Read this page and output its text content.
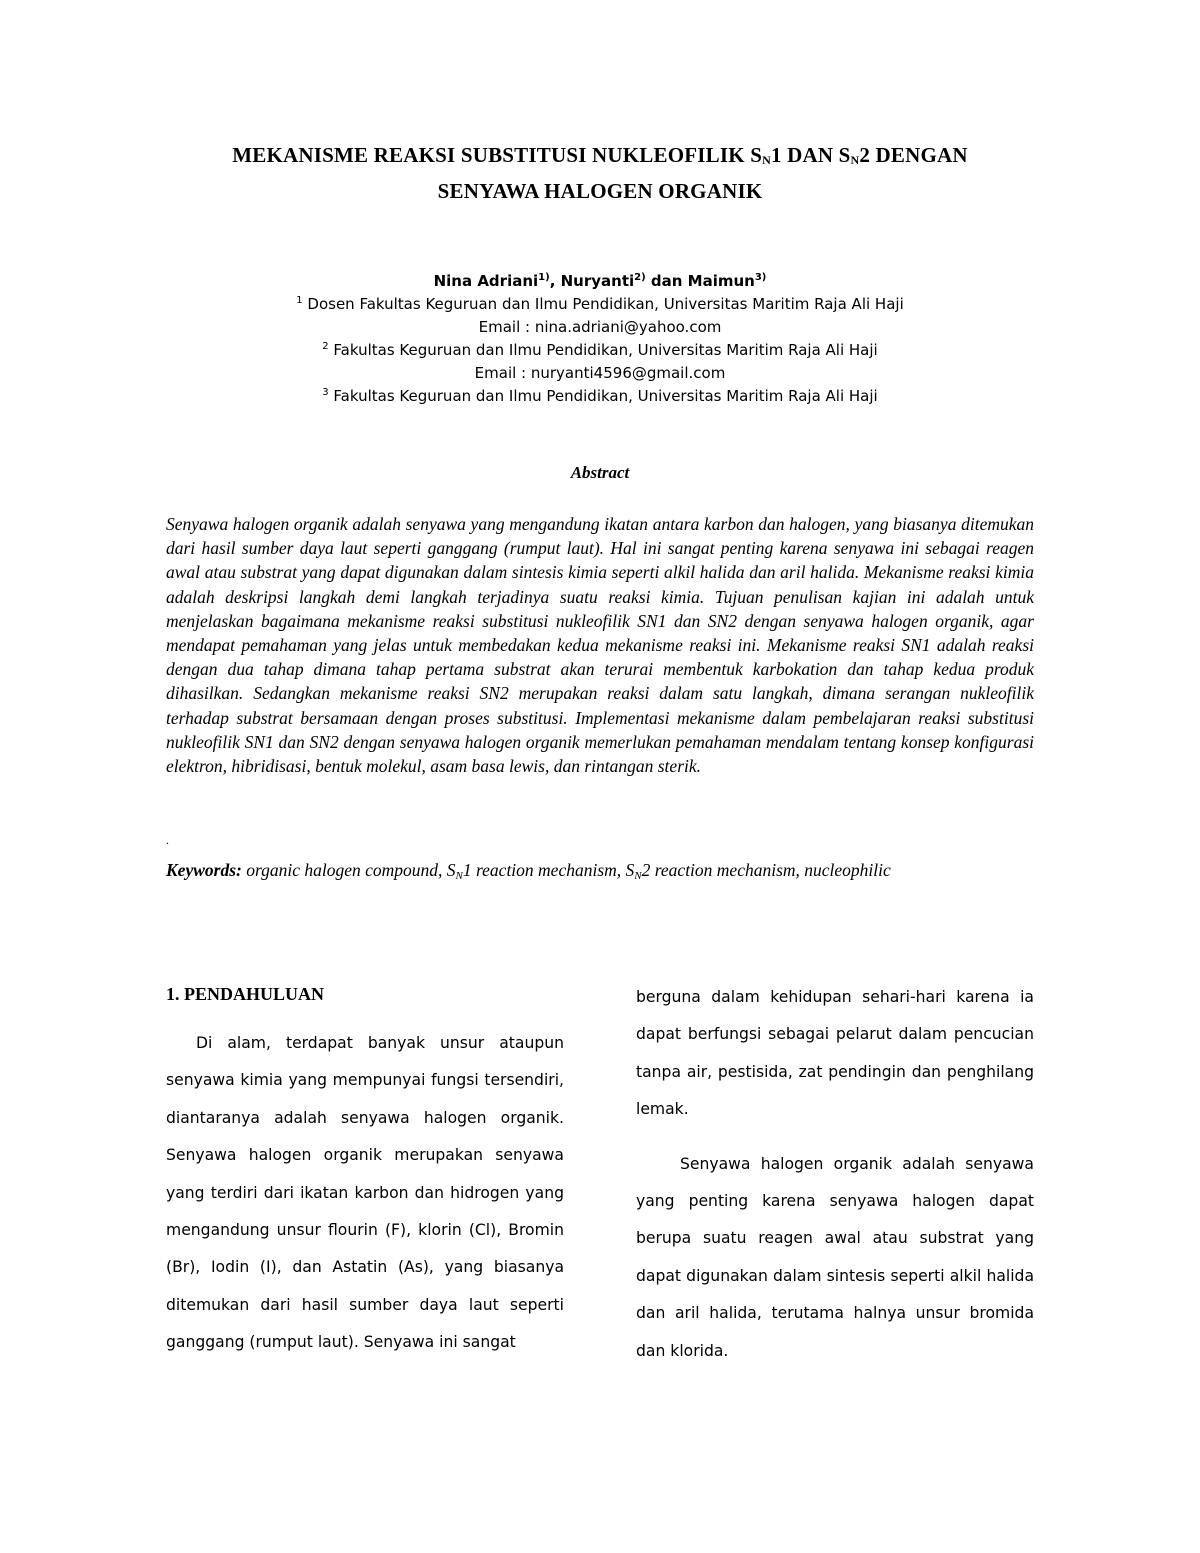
MEKANISME REAKSI SUBSTITUSI NUKLEOFILIK $S_N1$ DAN $S_N2$ DENGAN
SENYAWA HALOGEN ORGANIK
Nina Adriani$^{1)}$, Nuryanti$^{2)}$ dan Maimun$^{3)}$
$^1$ Dosen Fakultas Keguruan dan Ilmu Pendidikan, Universitas Maritim Raja Ali Haji
Email : nina.adriani@yahoo.com
$^2$ Fakultas Keguruan dan Ilmu Pendidikan, Universitas Maritim Raja Ali Haji
Email : nuryanti4596@gmail.com
$^3$ Fakultas Keguruan dan Ilmu Pendidikan, Universitas Maritim Raja Ali Haji
Abstract

Senyawa halogen organik adalah senyawa yang mengandung ikatan antara karbon dan halogen, yang biasanya ditemukan dari hasil sumber daya laut seperti ganggang (rumput laut). Hal ini sangat penting karena senyawa ini sebagai reagen awal atau substrat yang dapat digunakan dalam sintesis kimia seperti alkil halida dan aril halida. Mekanisme reaksi kimia adalah deskripsi langkah demi langkah terjadinya suatu reaksi kimia. Tujuan penulisan kajian ini adalah untuk menjelaskan bagaimana mekanisme reaksi substitusi nukleofilik SN1 dan SN2 dengan senyawa halogen organik, agar mendapat pemahaman yang jelas untuk membedakan kedua mekanisme reaksi ini. Mekanisme reaksi SN1 adalah reaksi dengan dua tahap dimana tahap pertama substrat akan terurai membentuk karbokation dan tahap kedua produk dihasilkan. Sedangkan mekanisme reaksi SN2 merupakan reaksi dalam satu langkah, dimana serangan nukleofilik terhadap substrat bersamaan dengan proses substitusi. Implementasi mekanisme dalam pembelajaran reaksi substitusi nukleofilik SN1 dan SN2 dengan senyawa halogen organik memerlukan pemahaman mendalam tentang konsep konfigurasi elektron, hibridisasi, bentuk molekul, asam basa lewis, dan rintangan sterik.

.

Keywords: organic halogen compound, $S_N1$ reaction mechanism, $S_N2$ reaction mechanism, nucleophilic

1. PENDAHULUAN

Di alam, terdapat banyak unsur ataupun senyawa kimia yang mempunyai fungsi tersendiri, diantaranya adalah senyawa halogen organik. Senyawa halogen organik merupakan senyawa yang terdiri dari ikatan karbon dan hidrogen yang mengandung unsur flourin (F), klorin (Cl), Bromin (Br), Iodin (I), dan Astatin (As), yang biasanya ditemukan dari hasil sumber daya laut seperti ganggang (rumput laut). Senyawa ini sangat

berguna dalam kehidupan sehari-hari karena ia dapat berfungsi sebagai pelarut dalam pencucian tanpa air, pestisida, zat pendingin dan penghilang lemak.

Senyawa halogen organik adalah senyawa yang penting karena senyawa halogen dapat berupa suatu reagen awal atau substrat yang dapat digunakan dalam sintesis seperti alkil halida dan aril halida, terutama halnya unsur bromida dan klorida.
